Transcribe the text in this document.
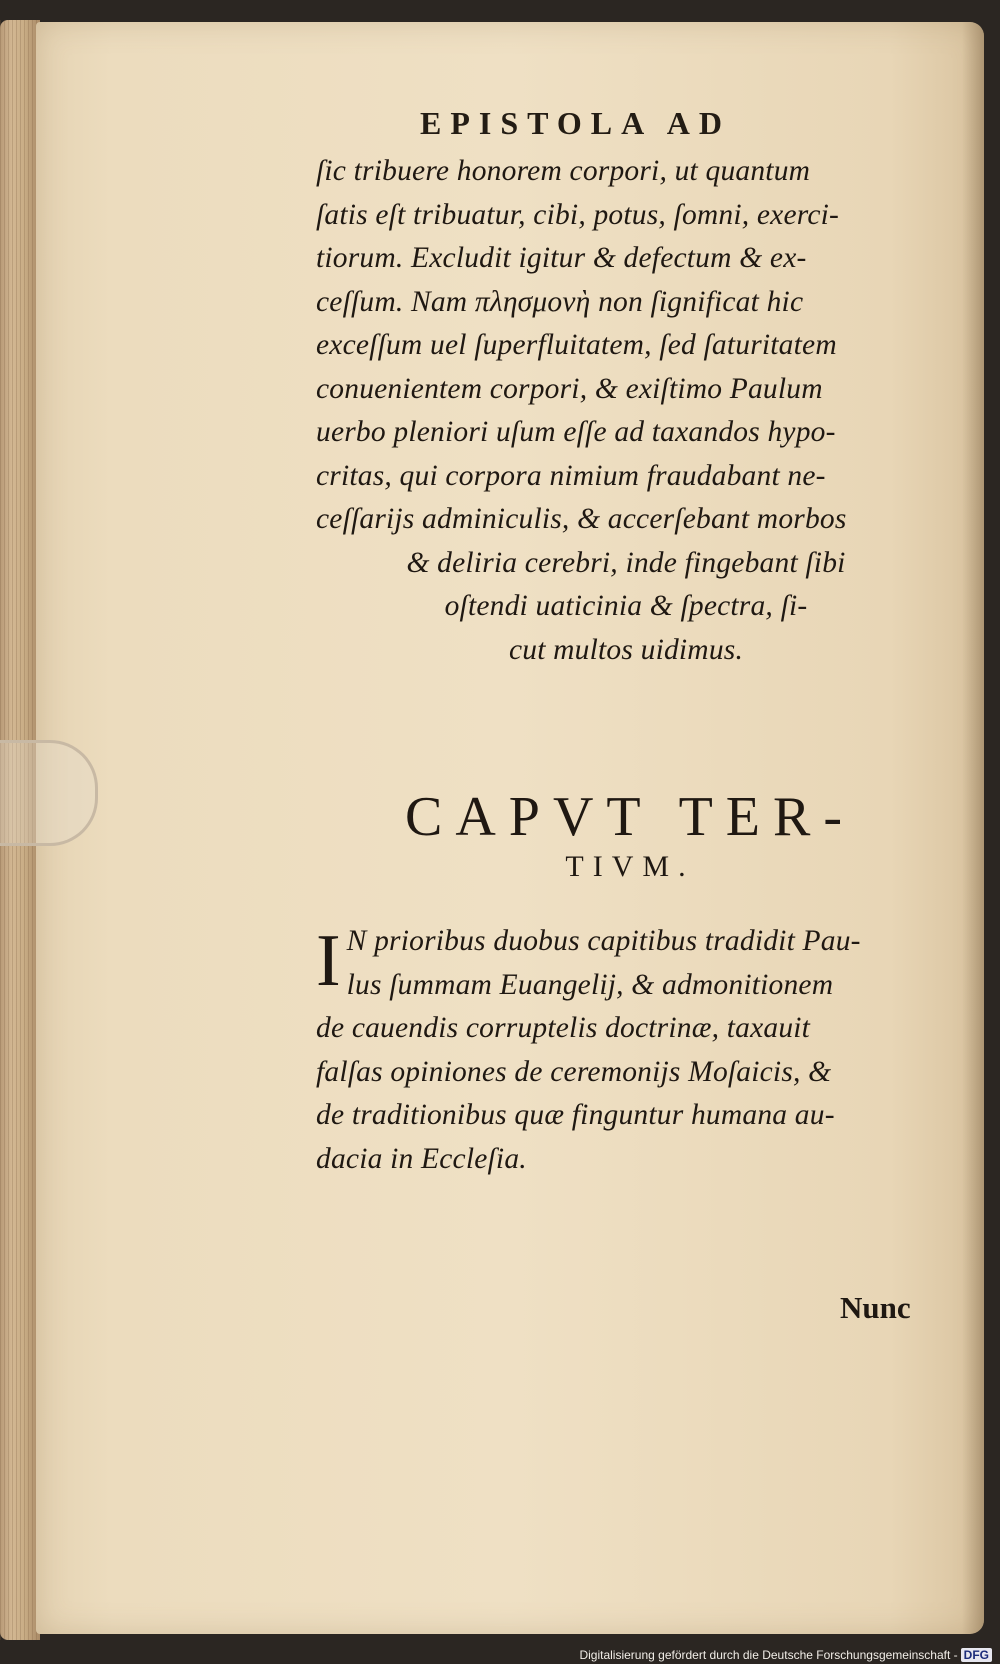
EPISTOLA AD
ſic tribuere honorem corpori, ut quantum
ſatis eſt tribuatur, cibi, potus, ſomni, exerci-
tiorum. Excludit igitur & defectum & ex-
ceſſum. Nam πλησμονὴ non ſignificat hic
exceſſum uel ſuperfluitatem, ſed ſaturitatem
conuenientem corpori, & exiſtimo Paulum
uerbo pleniori uſum eſſe ad taxandos hypo-
critas, qui corpora nimium fraudabant ne-
ceſſarijs adminiculis, & accerſebant morbos
& deliria cerebri, inde fingebant ſibi
oſtendi uaticinia & ſpectra, ſi-
cut multos uidimus.
CAPVT TER-
TIVM.
I N prioribus duobus capitibus tradidit Pau-
lus ſummam Euangelij, & admonitionem
de cauendis corruptelis doctrinæ, taxauit
falſas opiniones de ceremonijs Moſaicis, &
de traditionibus quæ finguntur humana au-
dacia in Eccleſia.
Nunc
Digitalisierung gefördert durch die Deutsche Forschungsgemeinschaft - DFG
